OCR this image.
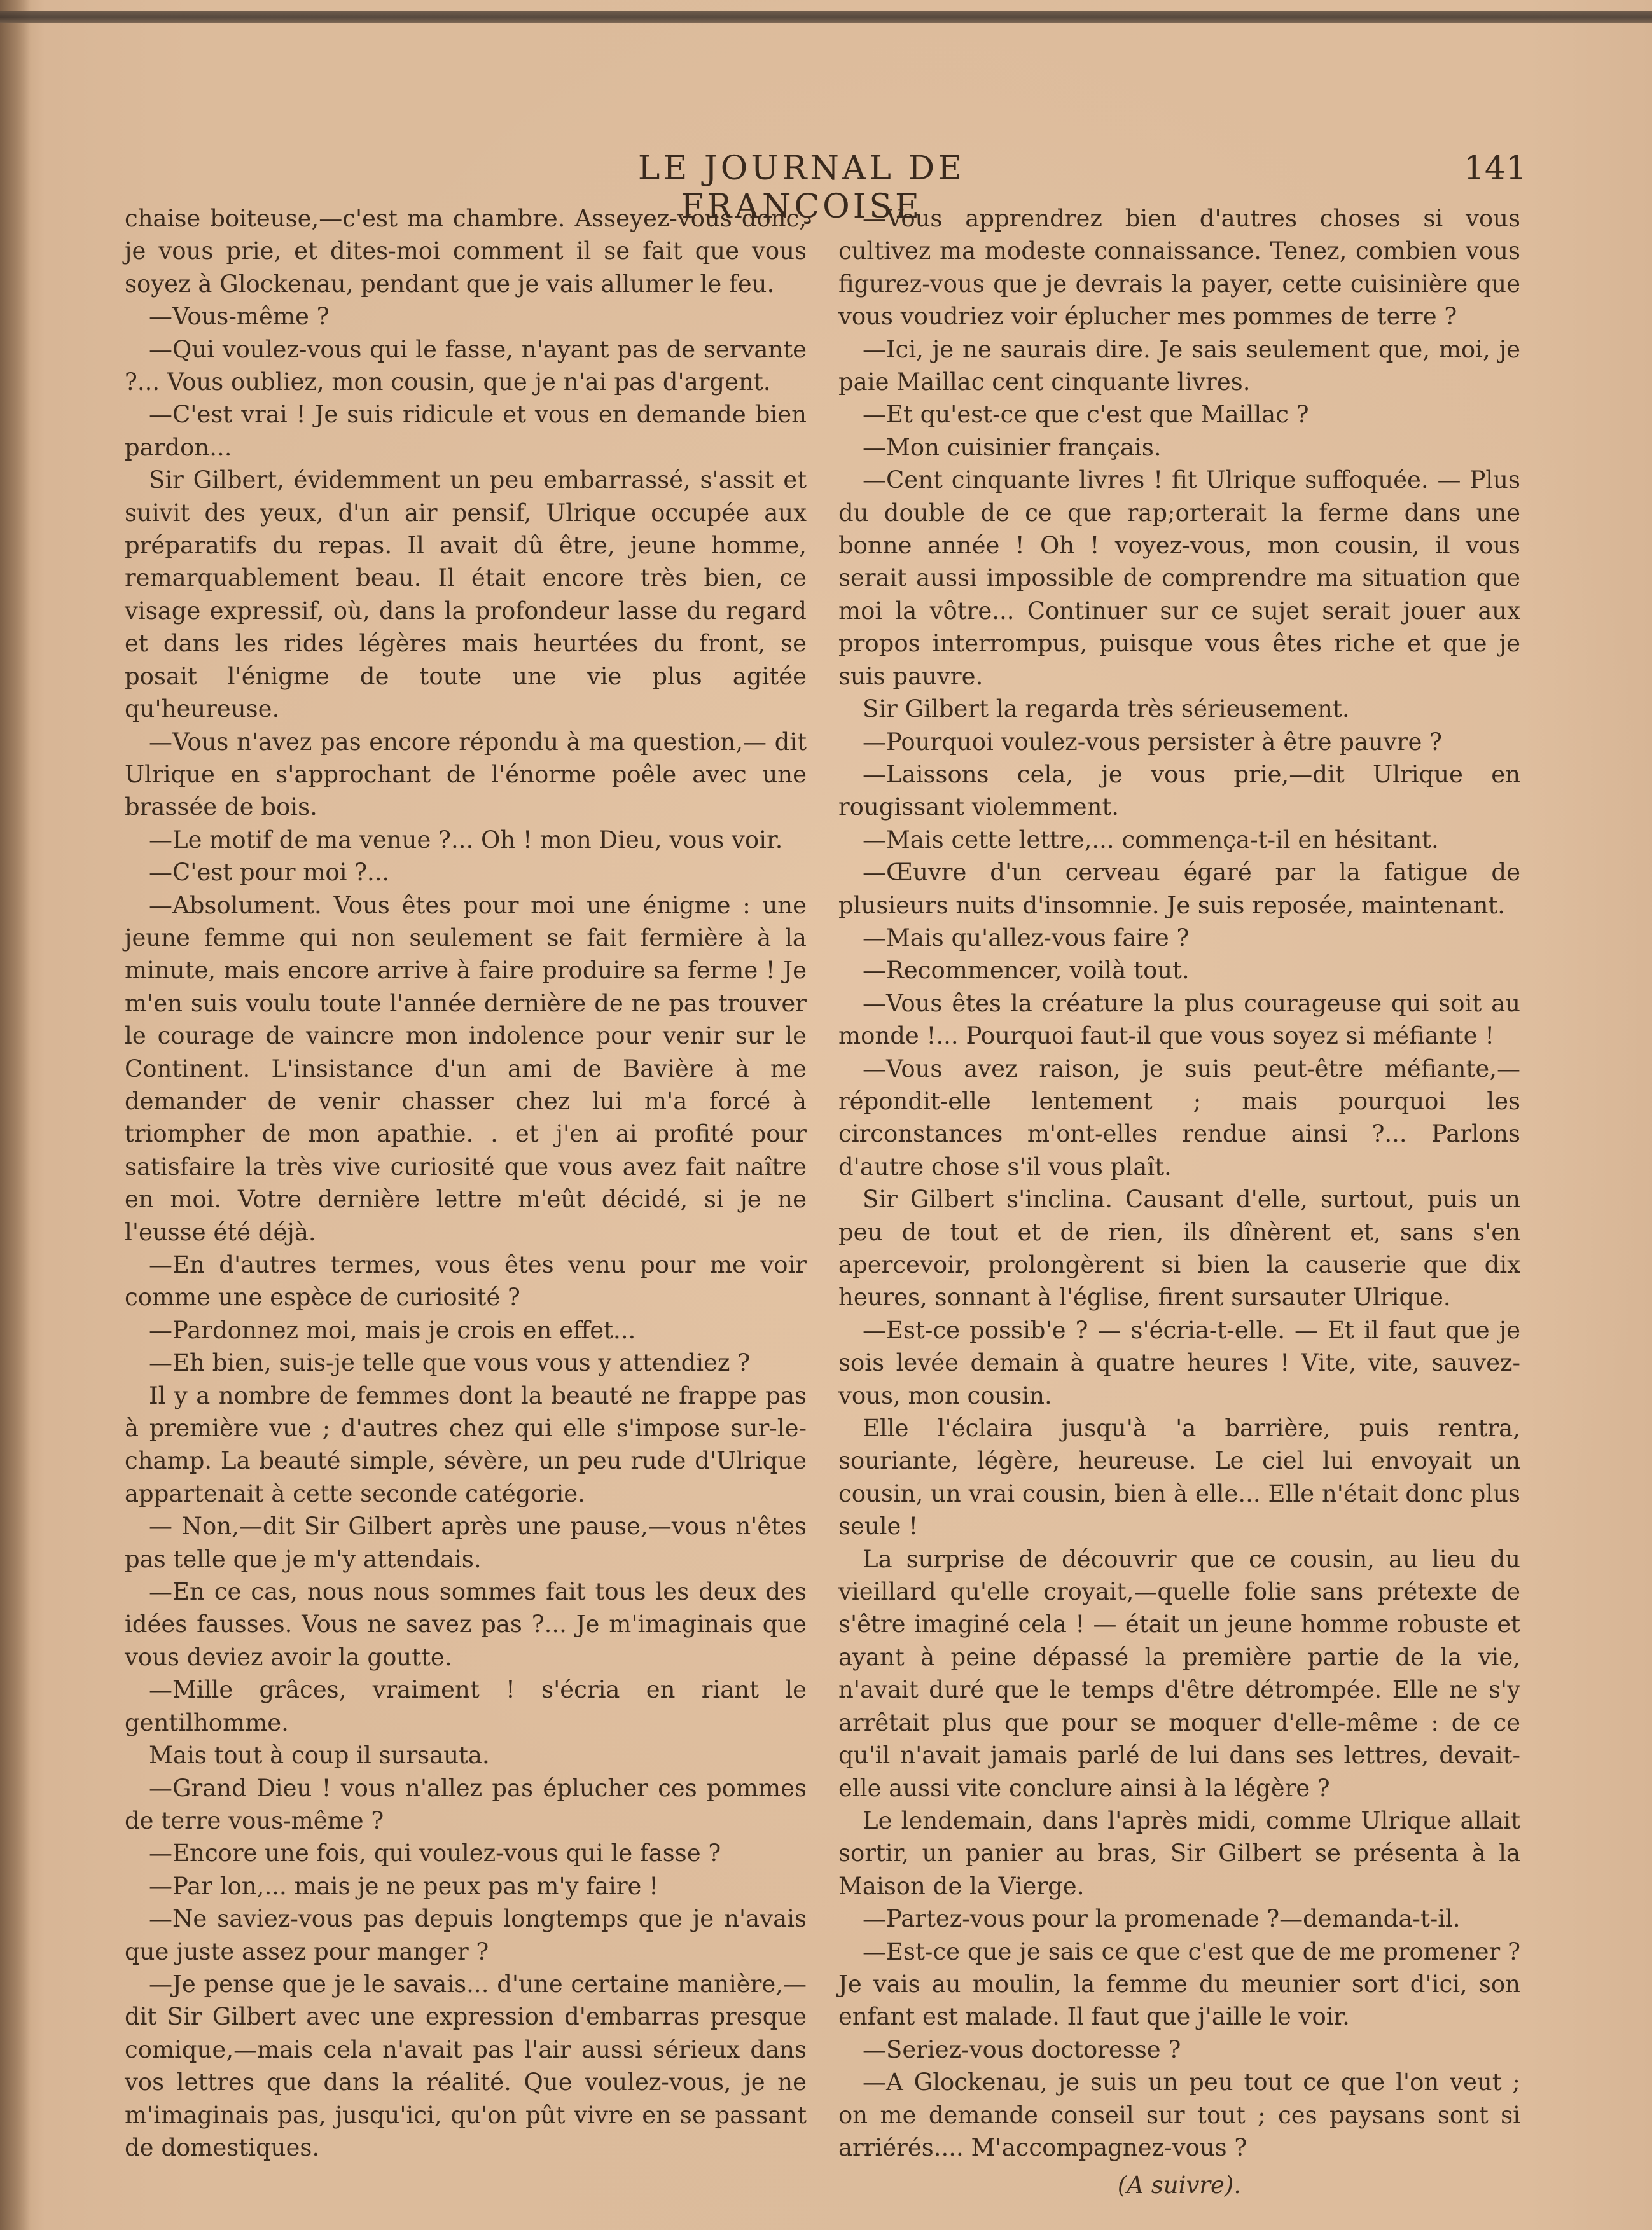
LE JOURNAL DE FRANÇOISE
141

chaise boiteuse,—c'est ma chambre. Asseyez-vous donc, je vous prie, et dites-moi comment il se fait que vous soyez à Glockenau, pendant que je vais allumer le feu.

—Vous-même ?

—Qui voulez-vous qui le fasse, n'ayant pas de servante ?... Vous oubliez, mon cousin, que je n'ai pas d'argent.

—C'est vrai ! Je suis ridicule et vous en demande bien pardon...

Sir Gilbert, évidemment un peu embarrassé, s'assit et suivit des yeux, d'un air pensif, Ulrique occupée aux préparatifs du repas. Il avait dû être, jeune homme, remarquablement beau. Il était encore très bien, ce visage expressif, où, dans la profondeur lasse du regard et dans les rides légères mais heurtées du front, se posait l'énigme de toute une vie plus agitée qu'heureuse.

—Vous n'avez pas encore répondu à ma question,— dit Ulrique en s'approchant de l'énorme poêle avec une brassée de bois.

—Le motif de ma venue ?... Oh ! mon Dieu, vous voir.

—C'est pour moi ?...

—Absolument. Vous êtes pour moi une énigme : une jeune femme qui non seulement se fait fermière à la minute, mais encore arrive à faire produire sa ferme ! Je m'en suis voulu toute l'année dernière de ne pas trouver le courage de vaincre mon indolence pour venir sur le Continent. L'insistance d'un ami de Bavière à me demander de venir chasser chez lui m'a forcé à triompher de mon apathie. . et j'en ai profité pour satisfaire la très vive curiosité que vous avez fait naître en moi. Votre dernière lettre m'eût décidé, si je ne l'eusse été déjà.

—En d'autres termes, vous êtes venu pour me voir comme une espèce de curiosité ?

—Pardonnez moi, mais je crois en effet...

—Eh bien, suis-je telle que vous vous y attendiez ?

Il y a nombre de femmes dont la beauté ne frappe pas à première vue ; d'autres chez qui elle s'impose sur-le-champ. La beauté simple, sévère, un peu rude d'Ulrique appartenait à cette seconde catégorie.

— Non,—dit Sir Gilbert après une pause,—vous n'êtes pas telle que je m'y attendais.

—En ce cas, nous nous sommes fait tous les deux des idées fausses. Vous ne savez pas ?... Je m'imaginais que vous deviez avoir la goutte.

—Mille grâces, vraiment ! s'écria en riant le gentilhomme.

Mais tout à coup il sursauta.

—Grand Dieu ! vous n'allez pas éplucher ces pommes de terre vous-même ?

—Encore une fois, qui voulez-vous qui le fasse ?

—Par lon,... mais je ne peux pas m'y faire !

—Ne saviez-vous pas depuis longtemps que je n'avais que juste assez pour manger ?

—Je pense que je le savais... d'une certaine manière,— dit Sir Gilbert avec une expression d'embarras presque comique,—mais cela n'avait pas l'air aussi sérieux dans vos lettres que dans la réalité. Que voulez-vous, je ne m'imaginais pas, jusqu'ici, qu'on pût vivre en se passant de domestiques.

—Vous apprendrez bien d'autres choses si vous cultivez ma modeste connaissance. Tenez, combien vous figurez-vous que je devrais la payer, cette cuisinière que vous voudriez voir éplucher mes pommes de terre ?

—Ici, je ne saurais dire. Je sais seulement que, moi, je paie Maillac cent cinquante livres.

—Et qu'est-ce que c'est que Maillac ?

—Mon cuisinier français.

—Cent cinquante livres ! fit Ulrique suffoquée. — Plus du double de ce que rap;orterait la ferme dans une bonne année ! Oh ! voyez-vous, mon cousin, il vous serait aussi impossible de comprendre ma situation que moi la vôtre... Continuer sur ce sujet serait jouer aux propos interrompus, puisque vous êtes riche et que je suis pauvre.

Sir Gilbert la regarda très sérieusement.

—Pourquoi voulez-vous persister à être pauvre ?

—Laissons cela, je vous prie,—dit Ulrique en rougissant violemment.

—Mais cette lettre,... commença-t-il en hésitant.

—Œuvre d'un cerveau égaré par la fatigue de plusieurs nuits d'insomnie. Je suis reposée, maintenant.

—Mais qu'allez-vous faire ?

—Recommencer, voilà tout.

—Vous êtes la créature la plus courageuse qui soit au monde !... Pourquoi faut-il que vous soyez si méfiante !

—Vous avez raison, je suis peut-être méfiante,—répondit-elle lentement ; mais pourquoi les circonstances m'ont-elles rendue ainsi ?... Parlons d'autre chose s'il vous plaît.

Sir Gilbert s'inclina. Causant d'elle, surtout, puis un peu de tout et de rien, ils dînèrent et, sans s'en apercevoir, prolongèrent si bien la causerie que dix heures, sonnant à l'église, firent sursauter Ulrique.

—Est-ce possib'e ? — s'écria-t-elle. — Et il faut que je sois levée demain à quatre heures ! Vite, vite, sauvez-vous, mon cousin.

Elle l'éclaira jusqu'à 'a barrière, puis rentra, souriante, légère, heureuse. Le ciel lui envoyait un cousin, un vrai cousin, bien à elle... Elle n'était donc plus seule !

La surprise de découvrir que ce cousin, au lieu du vieillard qu'elle croyait,—quelle folie sans prétexte de s'être imaginé cela ! — était un jeune homme robuste et ayant à peine dépassé la première partie de la vie, n'avait duré que le temps d'être détrompée. Elle ne s'y arrêtait plus que pour se moquer d'elle-même : de ce qu'il n'avait jamais parlé de lui dans ses lettres, devait-elle aussi vite conclure ainsi à la légère ?

Le lendemain, dans l'après midi, comme Ulrique allait sortir, un panier au bras, Sir Gilbert se présenta à la Maison de la Vierge.

—Partez-vous pour la promenade ?—demanda-t-il.

—Est-ce que je sais ce que c'est que de me promener ? Je vais au moulin, la femme du meunier sort d'ici, son enfant est malade. Il faut que j'aille le voir.

—Seriez-vous doctoresse ?

—A Glockenau, je suis un peu tout ce que l'on veut ; on me demande conseil sur tout ; ces paysans sont si arriérés.... M'accompagnez-vous ?

(A suivre).
